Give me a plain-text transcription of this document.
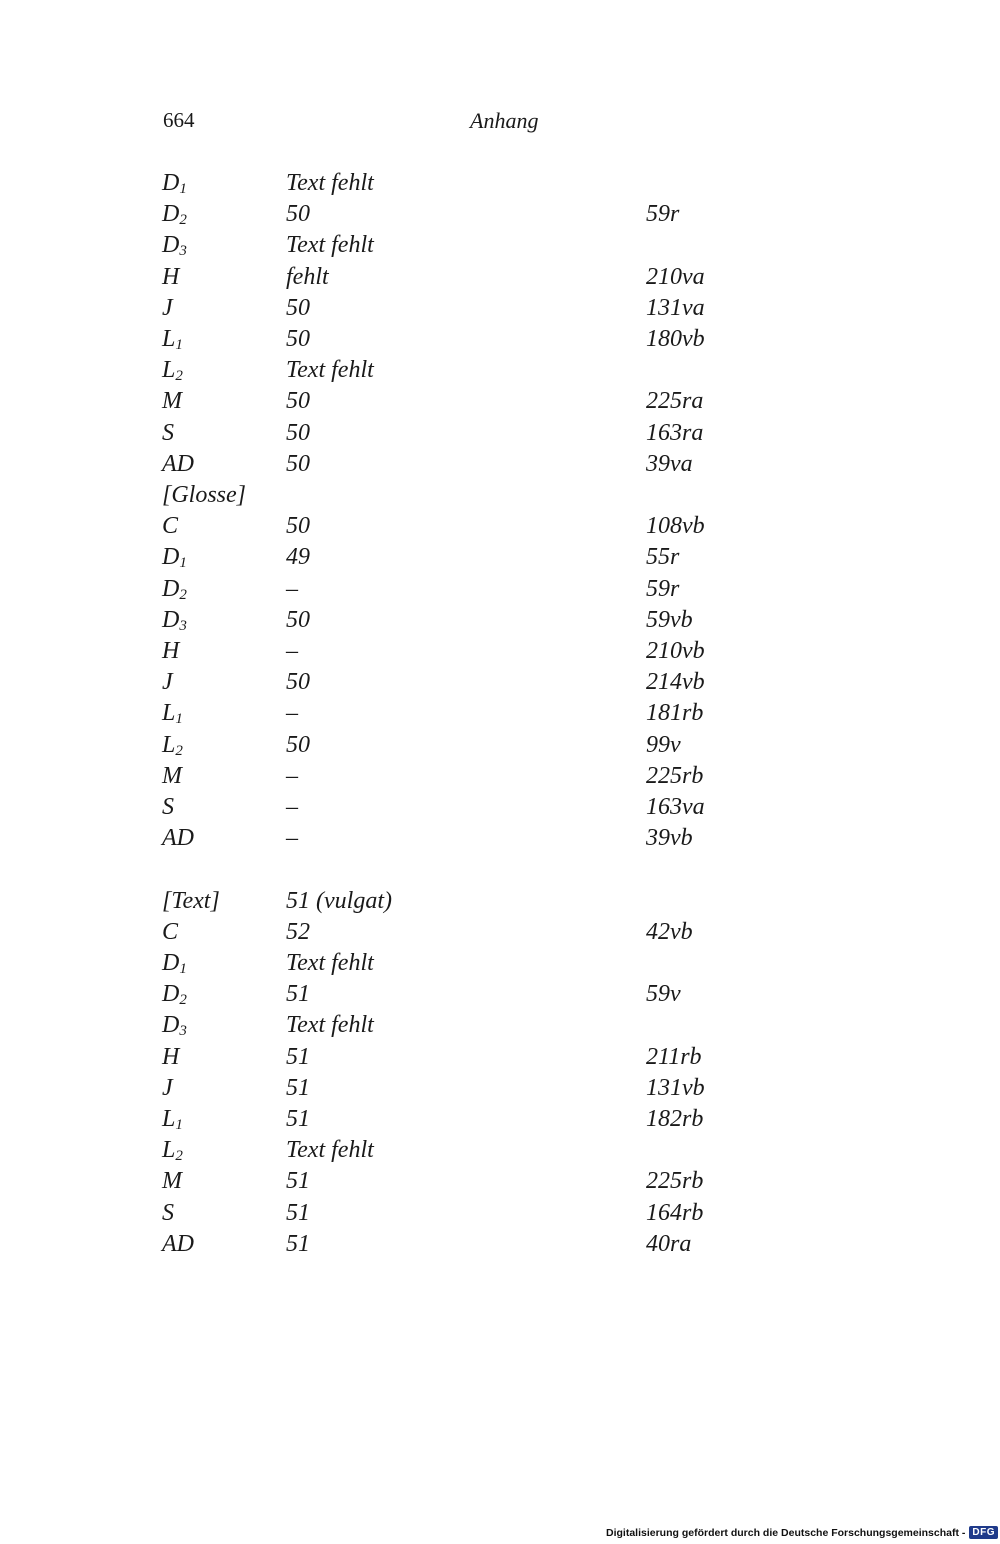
664	Anhang
$D_1$	Text fehlt
$D_2$	50	59r
$D_3$	Text fehlt
H	fehlt	210va
J	50	131va
$L_1$	50	180vb
$L_2$	Text fehlt
M	50	225ra
S	50	163ra
AD	50	39va
[Glosse]
C	50	108vb
$D_1$	49	55r
$D_2$	–	59r
$D_3$	50	59vb
H	–	210vb
J	50	214vb
$L_1$	–	181rb
$L_2$	50	99v
M	–	225rb
S	–	163va
AD	–	39vb
[Text]	51 (vulgat)
C	52	42vb
$D_1$	Text fehlt
$D_2$	51	59v
$D_3$	Text fehlt
H	51	211rb
J	51	131vb
$L_1$	51	182rb
$L_2$	Text fehlt
M	51	225rb
S	51	164rb
AD	51	40ra
Digitalisierung gefördert durch die Deutsche Forschungsgemeinschaft - DFG
